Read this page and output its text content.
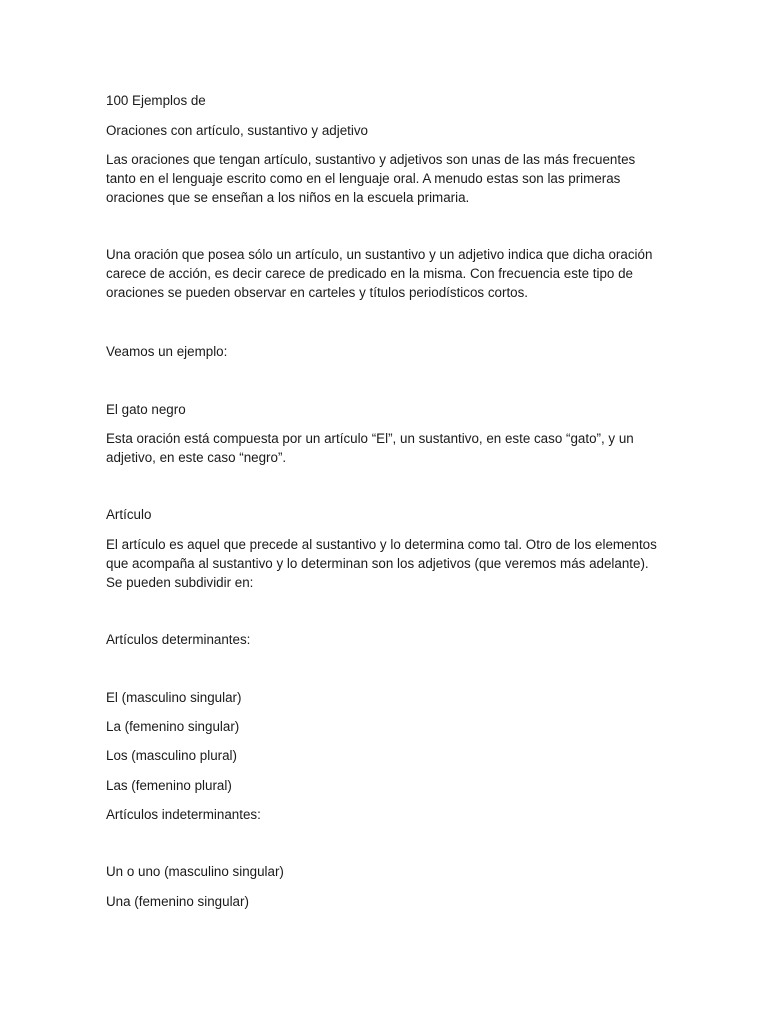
100 Ejemplos de

Oraciones con artículo, sustantivo y adjetivo

Las oraciones que tengan artículo, sustantivo y adjetivos son unas de las más frecuentes tanto en el lenguaje escrito como en el lenguaje oral. A menudo estas son las primeras oraciones que se enseñan a los niños en la escuela primaria.

Una oración que posea sólo un artículo, un sustantivo y un adjetivo indica que dicha oración carece de acción, es decir carece de predicado en la misma. Con frecuencia este tipo de oraciones se pueden observar en carteles y títulos periodísticos cortos.

Veamos un ejemplo:

El gato negro

Esta oración está compuesta por un artículo “El”, un sustantivo, en este caso “gato”, y un adjetivo, en este caso “negro”.

Artículo

El artículo es aquel que precede al sustantivo y lo determina como tal. Otro de los elementos que acompaña al sustantivo y lo determinan son los adjetivos (que veremos más adelante). Se pueden subdividir en:

Artículos determinantes:

El (masculino singular)

La (femenino singular)

Los (masculino plural)

Las (femenino plural)

Artículos indeterminantes:

Un o uno (masculino singular)

Una (femenino singular)
